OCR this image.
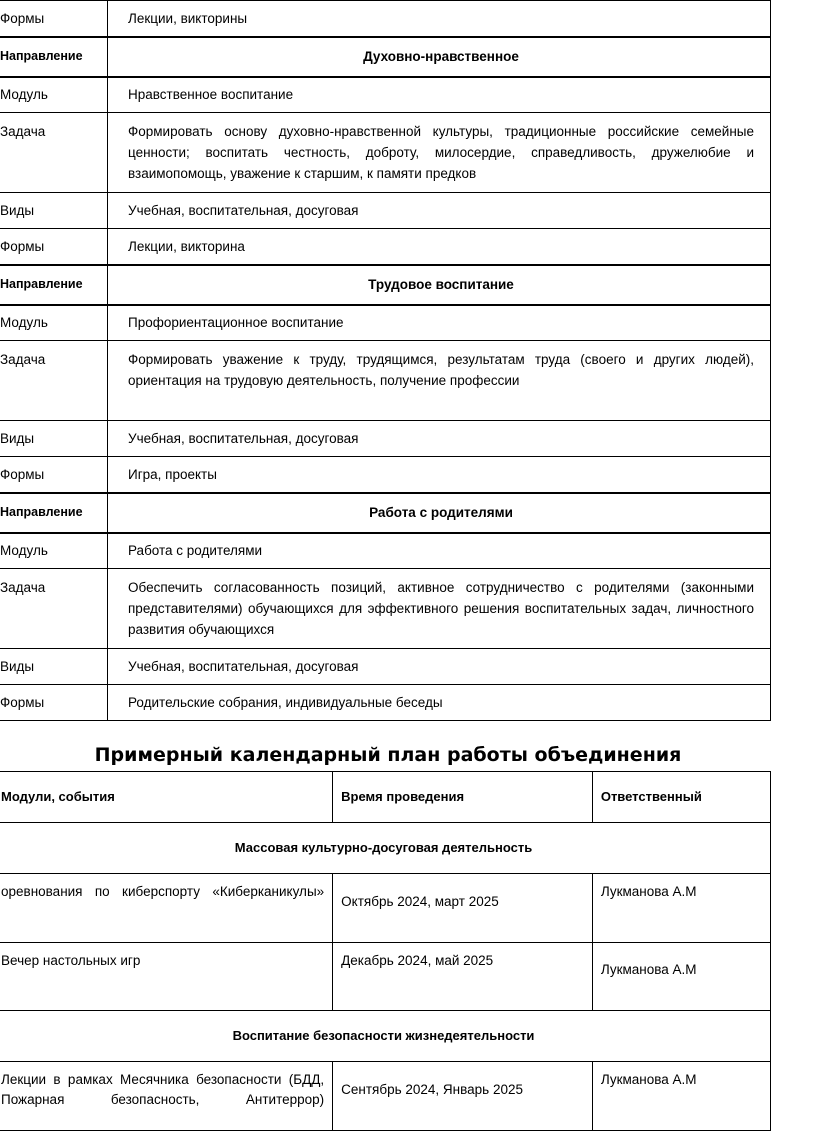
Формы	Лекции, викторины
Направление	Духовно-нравственное
Модуль	Нравственное воспитание
Задача	Формировать основу духовно-нравственной культуры, традиционные российские семейные ценности; воспитать честность, доброту, милосердие, справедливость, дружелюбие и взаимопомощь, уважение к старшим, к памяти предков
Виды	Учебная, воспитательная, досуговая
Формы	Лекции, викторина
Направление	Трудовое воспитание
Модуль	Профориентационное воспитание
Задача	Формировать уважение к труду, трудящимся, результатам труда (своего и других людей), ориентация на трудовую деятельность, получение профессии
Виды	Учебная, воспитательная, досуговая
Формы	Игра, проекты
Направление	Работа с родителями
Модуль	Работа с родителями
Задача	Обеспечить согласованность позиций, активное сотрудничество с родителями (законными представителями) обучающихся для эффективного решения воспитательных задач, личностного развития обучающихся
Виды	Учебная, воспитательная, досуговая
Формы	Родительские собрания, индивидуальные беседы
Примерный календарный план работы объединения
Модули, события	Время проведения	Ответственный
Массовая культурно-досуговая деятельность		
оревнования по киберспорту «Киберканикулы»	Октябрь 2024, март 2025	Лукманова А.М
Вечер настольных игр	Декабрь 2024, май 2025	Лукманова А.М
Воспитание безопасности жизнедеятельности		
Лекции в рамках Месячника безопасности (БДД, Пожарная безопасность, Антитеррор)	Сентябрь 2024, Январь 2025	Лукманова А.М
